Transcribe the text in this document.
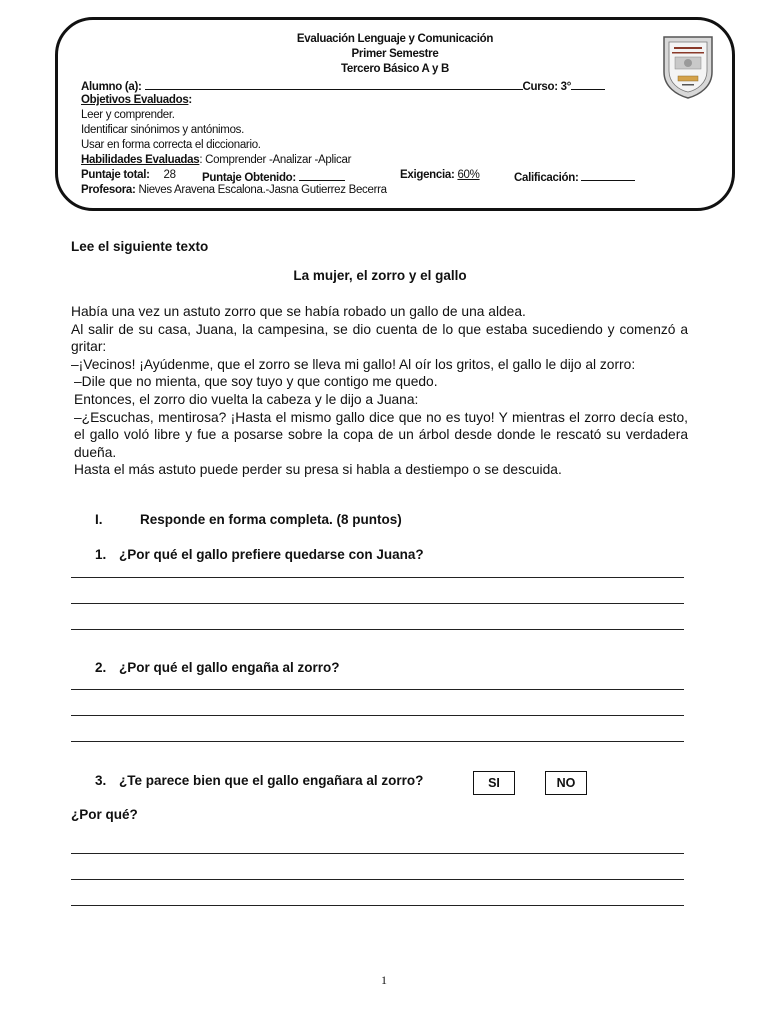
Evaluación Lenguaje y Comunicación
Primer Semestre
Tercero Básico A y B
Alumno (a):	Curso: 3°
Objetivos Evaluados:
Leer y comprender.
Identificar sinónimos y antónimos.
Usar en forma correcta el diccionario.
Habilidades Evaluadas: Comprender -Analizar -Aplicar
Puntaje total: 28 Puntaje Obtenido:	Exigencia: 60%	Calificación:
Profesora: Nieves Aravena Escalona.-Jasna Gutierrez Becerra
Lee el siguiente texto
La mujer, el zorro y el gallo

Había una vez un astuto zorro que se había robado un gallo de una aldea.

Al salir de su casa, Juana, la campesina, se dio cuenta de lo que estaba sucediendo y comenzó a gritar:

–¡Vecinos! ¡Ayúdenme, que el zorro se lleva mi gallo! Al oír los gritos, el gallo le dijo al zorro:

–Dile que no mienta, que soy tuyo y que contigo me quedo.

Entonces, el zorro dio vuelta la cabeza y le dijo a Juana:

–¿Escuchas, mentirosa? ¡Hasta el mismo gallo dice que no es tuyo! Y mientras el zorro decía esto, el gallo voló libre y fue a posarse sobre la copa de un árbol desde donde le rescató su verdadera dueña.

Hasta el más astuto puede perder su presa si habla a destiempo o se descuida.

I.	Responde en forma completa. (8 puntos)
1. ¿Por qué el gallo prefiere quedarse con Juana?
2. ¿Por qué el gallo engaña al zorro?
3. ¿Te parece bien que el gallo engañara al zorro?	SI	NO
¿Por qué?
1
